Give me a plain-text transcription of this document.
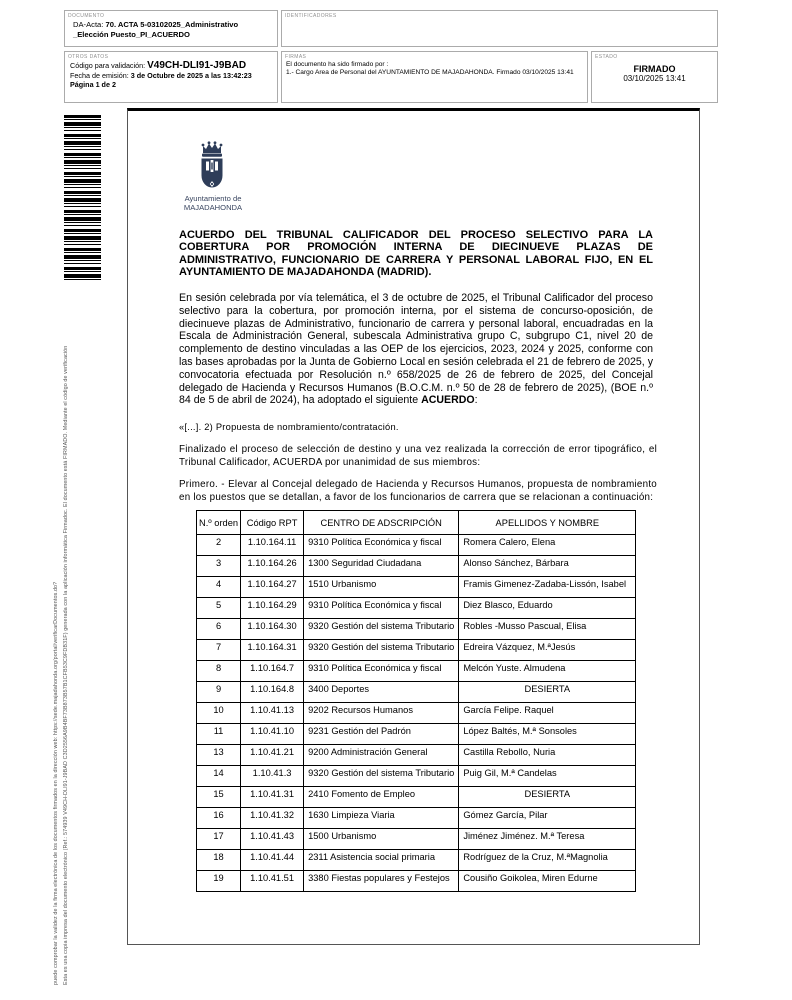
DOCUMENTO
DA-Acta: 70. ACTA 5-03102025_Administrativo
_Elección Puesto_PI_ACUERDO
IDENTIFICADORES
OTROS DATOS
Código para validación: V49CH-DLI91-J9BAD
Fecha de emisión: 3 de Octubre de 2025 a las 13:42:23
Página 1 de 2
FIRMAS
El documento ha sido firmado por :
1.- Cargo Area de Personal del AYUNTAMIENTO DE MAJADAHONDA. Firmado 03/10/2025 13:41
ESTADO
FIRMADO
03/10/2025 13:41
Esta es una copia impresa del documento electrónico (Ref.: 574939 V49CH-DLI91-J9BAD C3D2556A9B4BF73B873B57B1CFB53C9FDB31F) generada con la aplicación informática Firmadoc. El documento está FIRMADO. Mediante el código de verificación
puede comprobar la validez de la firma electrónica de los documentos firmados en la dirección web: https://sede.majadahonda.org/portal/verificarDocumentos.do?
Ayuntamiento de
MAJADAHONDA
ACUERDO DEL TRIBUNAL CALIFICADOR DEL PROCESO SELECTIVO PARA LA COBERTURA POR PROMOCIÓN INTERNA DE DIECINUEVE PLAZAS DE ADMINISTRATIVO, FUNCIONARIO DE CARRERA Y PERSONAL LABORAL FIJO, EN EL AYUNTAMIENTO DE MAJADAHONDA (MADRID).
En sesión celebrada por vía telemática, el 3 de octubre de 2025, el Tribunal Calificador del proceso selectivo para la cobertura, por promoción interna, por el sistema de concurso-oposición, de diecinueve plazas de Administrativo, funcionario de carrera y personal laboral, encuadradas en la Escala de Administración General, subescala Administrativa grupo C, subgrupo C1, nivel 20 de complemento de destino vinculadas a las OEP de los ejercicios, 2023, 2024 y 2025, conforme con las bases aprobadas por la Junta de Gobierno Local en sesión celebrada el 21 de febrero de 2025, y convocatoria efectuada por Resolución n.º 658/2025 de 26 de febrero de 2025, del Concejal delegado de Hacienda y Recursos Humanos (B.O.C.M. n.º 50 de 28 de febrero de 2025), (BOE n.º 84 de 5 de abril de 2024), ha adoptado el siguiente ACUERDO:
«[...]. 2) Propuesta de nombramiento/contratación.
Finalizado el proceso de selección de destino y una vez realizada la corrección de error tipográfico, el Tribunal Calificador, ACUERDA por unanimidad de sus miembros:
Primero. - Elevar al Concejal delegado de Hacienda y Recursos Humanos, propuesta de nombramiento en los puestos que se detallan, a favor de los funcionarios de carrera que se relacionan a continuación:
N.º orden	Código RPT	CENTRO DE ADSCRIPCIÓN	APELLIDOS Y NOMBRE
2	1.10.164.11	9310 Política Económica y fiscal	Romera Calero, Elena
3	1.10.164.26	1300 Seguridad Ciudadana	Alonso Sánchez, Bárbara
4	1.10.164.27	1510 Urbanismo	Framis Gimenez-Zadaba-Lissón, Isabel
5	1.10.164.29	9310 Política Económica y fiscal	Diez Blasco, Eduardo
6	1.10.164.30	9320 Gestión del sistema Tributario	Robles -Musso Pascual, Elisa
7	1.10.164.31	9320 Gestión del sistema Tributario	Edreira Vázquez, M.ªJesús
8	1.10.164.7	9310 Política Económica y fiscal	Melcón Yuste. Almudena
9	1.10.164.8	3400 Deportes	DESIERTA
10	1.10.41.13	9202 Recursos Humanos	García Felipe. Raquel
11	1.10.41.10	9231 Gestión del Padrón	López Baltés, M.ª Sonsoles
13	1.10.41.21	9200 Administración General	Castilla Rebollo, Nuria
14	1.10.41.3	9320 Gestión del sistema Tributario	Puig Gil, M.ª Candelas
15	1.10.41.31	2410 Fomento de Empleo	DESIERTA
16	1.10.41.32	1630 Limpieza Viaria	Gómez García, Pilar
17	1.10.41.43	1500 Urbanismo	Jiménez Jiménez. M.ª Teresa
18	1.10.41.44	2311 Asistencia social primaria	Rodríguez de la Cruz, M.ªMagnolia
19	1.10.41.51	3380 Fiestas populares y Festejos	Cousiño Goikolea, Miren Edurne
